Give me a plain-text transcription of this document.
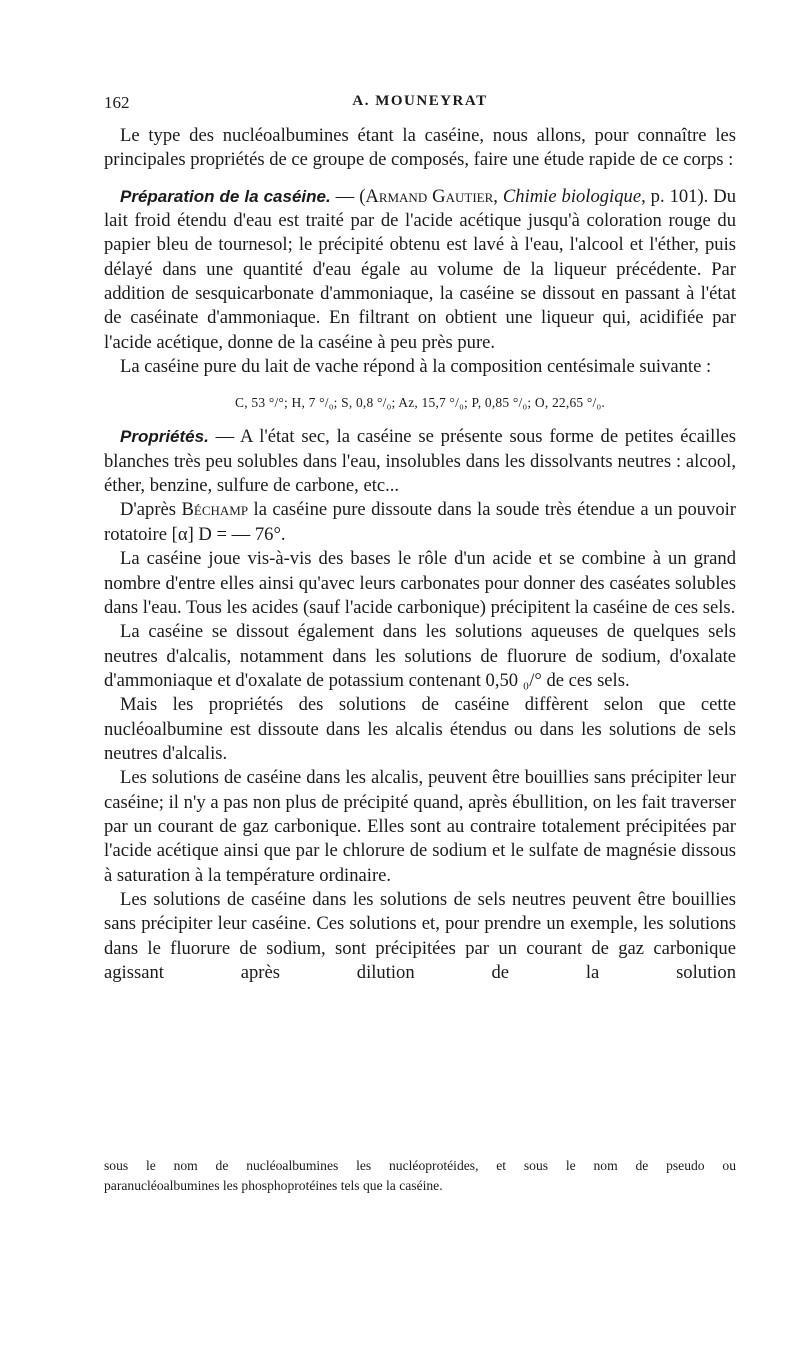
162	A. MOUNEYRAT

Le type des nucléoalbumines étant la caséine, nous allons, pour connaître les principales propriétés de ce groupe de composés, faire une étude rapide de ce corps :

Préparation de la caséine. — (Armand Gautier, Chimie biologique, p. 101). Du lait froid étendu d'eau est traité par de l'acide acétique jusqu'à coloration rouge du papier bleu de tournesol; le précipité obtenu est lavé à l'eau, l'alcool et l'éther, puis délayé dans une quantité d'eau égale au volume de la liqueur précédente. Par addition de sesquicarbonate d'ammoniaque, la caséine se dissout en passant à l'état de caséinate d'ammoniaque. En filtrant on obtient une liqueur qui, acidifiée par l'acide acétique, donne de la caséine à peu près pure.

La caséine pure du lait de vache répond à la composition centésimale suivante :

C, 53 °/°; H, 7 °/₀; S, 0,8 °/₀; Az, 15,7 °/₀; P, 0,85 °/₀; O, 22,65 °/₀.

Propriétés. — A l'état sec, la caséine se présente sous forme de petites écailles blanches très peu solubles dans l'eau, insolubles dans les dissolvants neutres : alcool, éther, benzine, sulfure de carbone, etc...

D'après Béchamp la caséine pure dissoute dans la soude très étendue a un pouvoir rotatoire [α] D = — 76°.

La caséine joue vis-à-vis des bases le rôle d'un acide et se combine à un grand nombre d'entre elles ainsi qu'avec leurs carbonates pour donner des caséates solubles dans l'eau. Tous les acides (sauf l'acide carbonique) précipitent la caséine de ces sels.

La caséine se dissout également dans les solutions aqueuses de quelques sels neutres d'alcalis, notamment dans les solutions de fluorure de sodium, d'oxalate d'ammoniaque et d'oxalate de potassium contenant 0,50 ₀/° de ces sels.

Mais les propriétés des solutions de caséine diffèrent selon que cette nucléoalbumine est dissoute dans les alcalis étendus ou dans les solutions de sels neutres d'alcalis.

Les solutions de caséine dans les alcalis, peuvent être bouillies sans précipiter leur caséine; il n'y a pas non plus de précipité quand, après ébullition, on les fait traverser par un courant de gaz carbonique. Elles sont au contraire totalement précipitées par l'acide acétique ainsi que par le chlorure de sodium et le sulfate de magnésie dissous à saturation à la température ordinaire.

Les solutions de caséine dans les solutions de sels neutres peuvent être bouillies sans précipiter leur caséine. Ces solutions et, pour prendre un exemple, les solutions dans le fluorure de sodium, sont précipitées par un courant de gaz carbonique agissant après dilution de la solution

sous le nom de nucléoalbumines les nucléoprotéides, et sous le nom de pseudo ou

paranucléoalbumines les phosphoprotéines tels que la caséine.
